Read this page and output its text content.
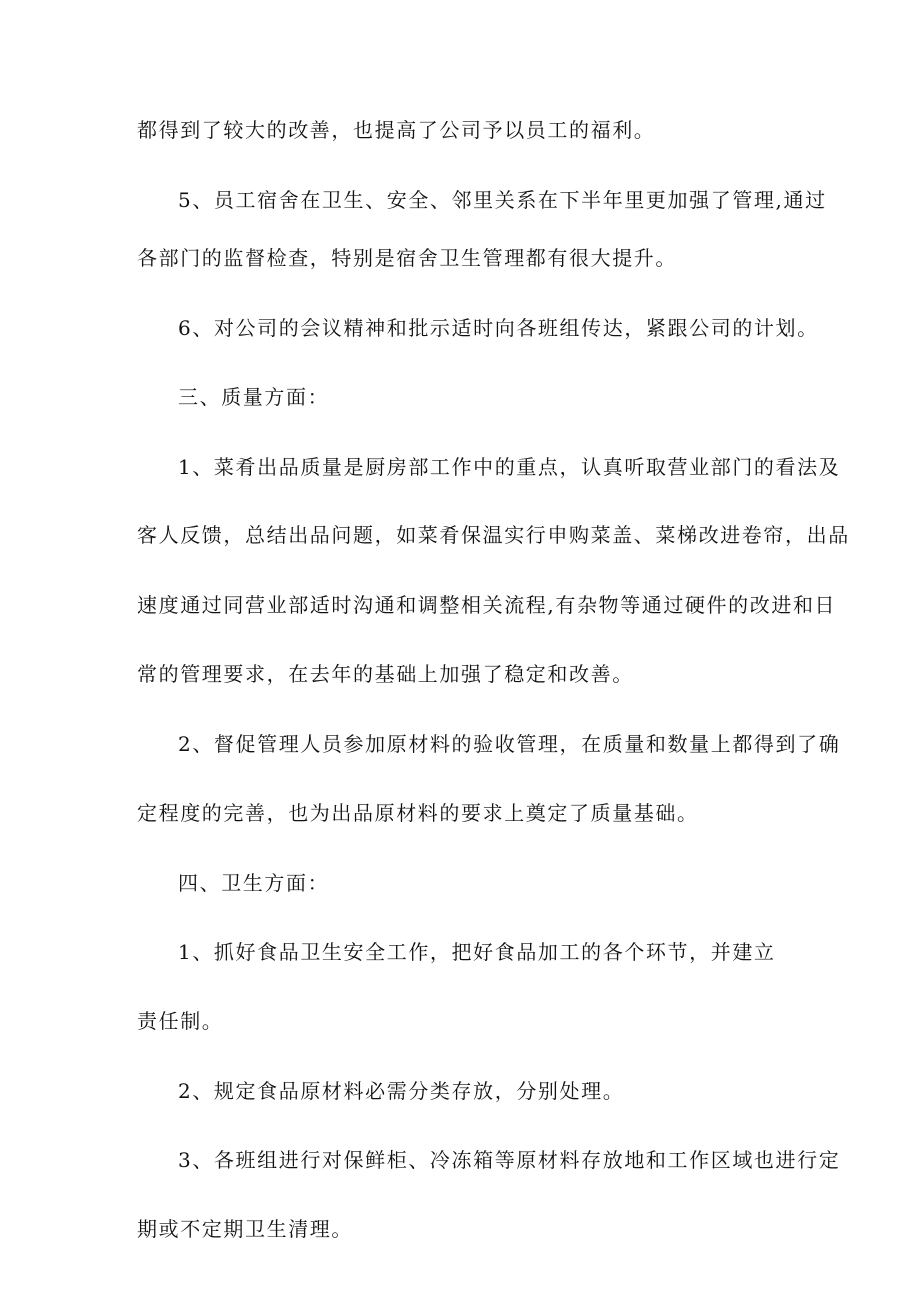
都得到了较大的改善，也提高了公司予以员工的福利。
5、员工宿舍在卫生、安全、邻里关系在下半年里更加强了管理,通过
各部门的监督检查，特别是宿舍卫生管理都有很大提升。
6、对公司的会议精神和批示适时向各班组传达，紧跟公司的计划。
三、质量方面：
1、菜肴出品质量是厨房部工作中的重点，认真听取营业部门的看法及
客人反馈，总结出品问题，如菜肴保温实行申购菜盖、菜梯改进卷帘，出品
速度通过同营业部适时沟通和调整相关流程,有杂物等通过硬件的改进和日
常的管理要求，在去年的基础上加强了稳定和改善。
2、督促管理人员参加原材料的验收管理，在质量和数量上都得到了确
定程度的完善，也为出品原材料的要求上奠定了质量基础。
四、卫生方面：
1、抓好食品卫生安全工作，把好食品加工的各个环节，并建立
责任制。
2、规定食品原材料必需分类存放，分别处理。
3、各班组进行对保鲜柜、冷冻箱等原材料存放地和工作区域也进行定
期或不定期卫生清理。
